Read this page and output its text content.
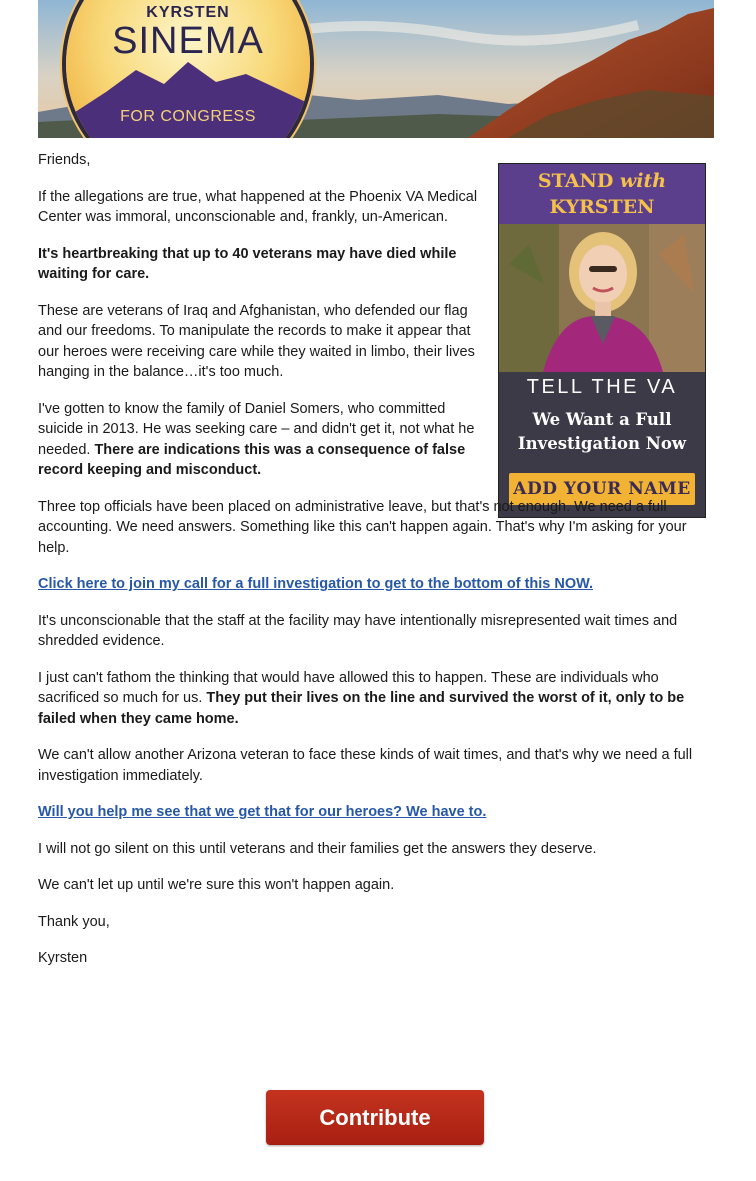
KYRSTEN
SINEMA
FOR CONGRESS
STAND with
KYRSTEN
TELL THE VA
We Want a Full
Investigation Now
ADD YOUR NAME

Friends,

If the allegations are true, what happened at the Phoenix VA Medical Center was immoral, unconscionable and, frankly, un-American.

It's heartbreaking that up to 40 veterans may have died while waiting for care.

These are veterans of Iraq and Afghanistan, who defended our flag and our freedoms. To manipulate the records to make it appear that our heroes were receiving care while they waited in limbo, their lives hanging in the balance…it's too much.

I've gotten to know the family of Daniel Somers, who committed suicide in 2013. He was seeking care – and didn't get it, not what he needed. There are indications this was a consequence of false record keeping and misconduct.

Three top officials have been placed on administrative leave, but that's not enough. We need a full accounting. We need answers. Something like this can't happen again. That's why I'm asking for your help.

Click here to join my call for a full investigation to get to the bottom of this NOW.

It's unconscionable that the staff at the facility may have intentionally misrepresented wait times and shredded evidence.

I just can't fathom the thinking that would have allowed this to happen. These are individuals who sacrificed so much for us. They put their lives on the line and survived the worst of it, only to be failed when they came home.

We can't allow another Arizona veteran to face these kinds of wait times, and that's why we need a full investigation immediately.

Will you help me see that we get that for our heroes? We have to.

I will not go silent on this until veterans and their families get the answers they deserve.

We can't let up until we're sure this won't happen again.

Thank you,

Kyrsten

Contribute
